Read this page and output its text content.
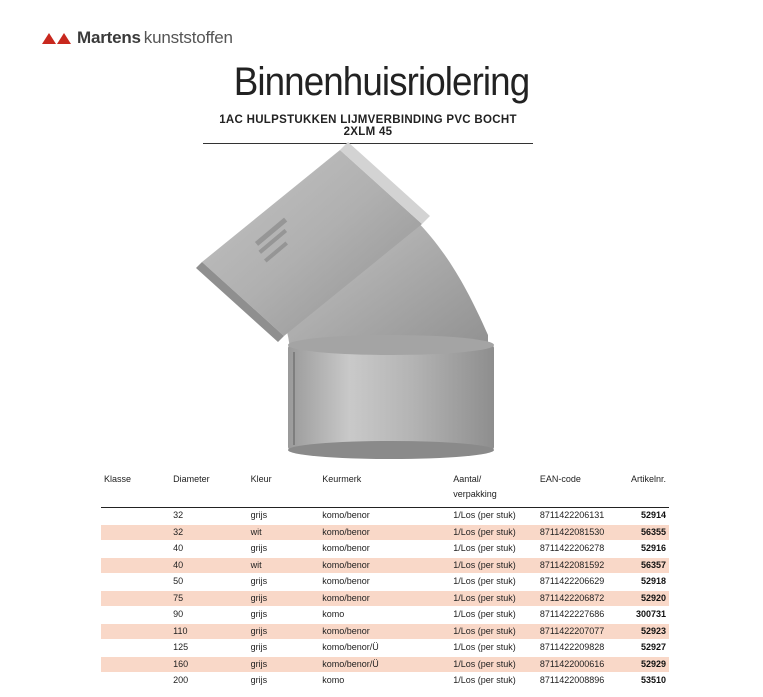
Martens kunststoffen
Binnenhuisriolering
1AC HULPSTUKKEN LIJMVERBINDING PVC BOCHT 2XLM 45
Klasse	Diameter	Kleur	Keurmerk	Aantal/
verpakking	EAN-code	Artikelnr.
	32	grijs	komo/benor	1/Los (per stuk)	8711422206131	52914
	32	wit	komo/benor	1/Los (per stuk)	8711422081530	56355
	40	grijs	komo/benor	1/Los (per stuk)	8711422206278	52916
	40	wit	komo/benor	1/Los (per stuk)	8711422081592	56357
	50	grijs	komo/benor	1/Los (per stuk)	8711422206629	52918
	75	grijs	komo/benor	1/Los (per stuk)	8711422206872	52920
	90	grijs	komo	1/Los (per stuk)	8711422227686	300731
	110	grijs	komo/benor	1/Los (per stuk)	8711422207077	52923
	125	grijs	komo/benor/Ü	1/Los (per stuk)	8711422209828	52927
	160	grijs	komo/benor/Ü	1/Los (per stuk)	8711422000616	52929
	200	grijs	komo	1/Los (per stuk)	8711422008896	53510
